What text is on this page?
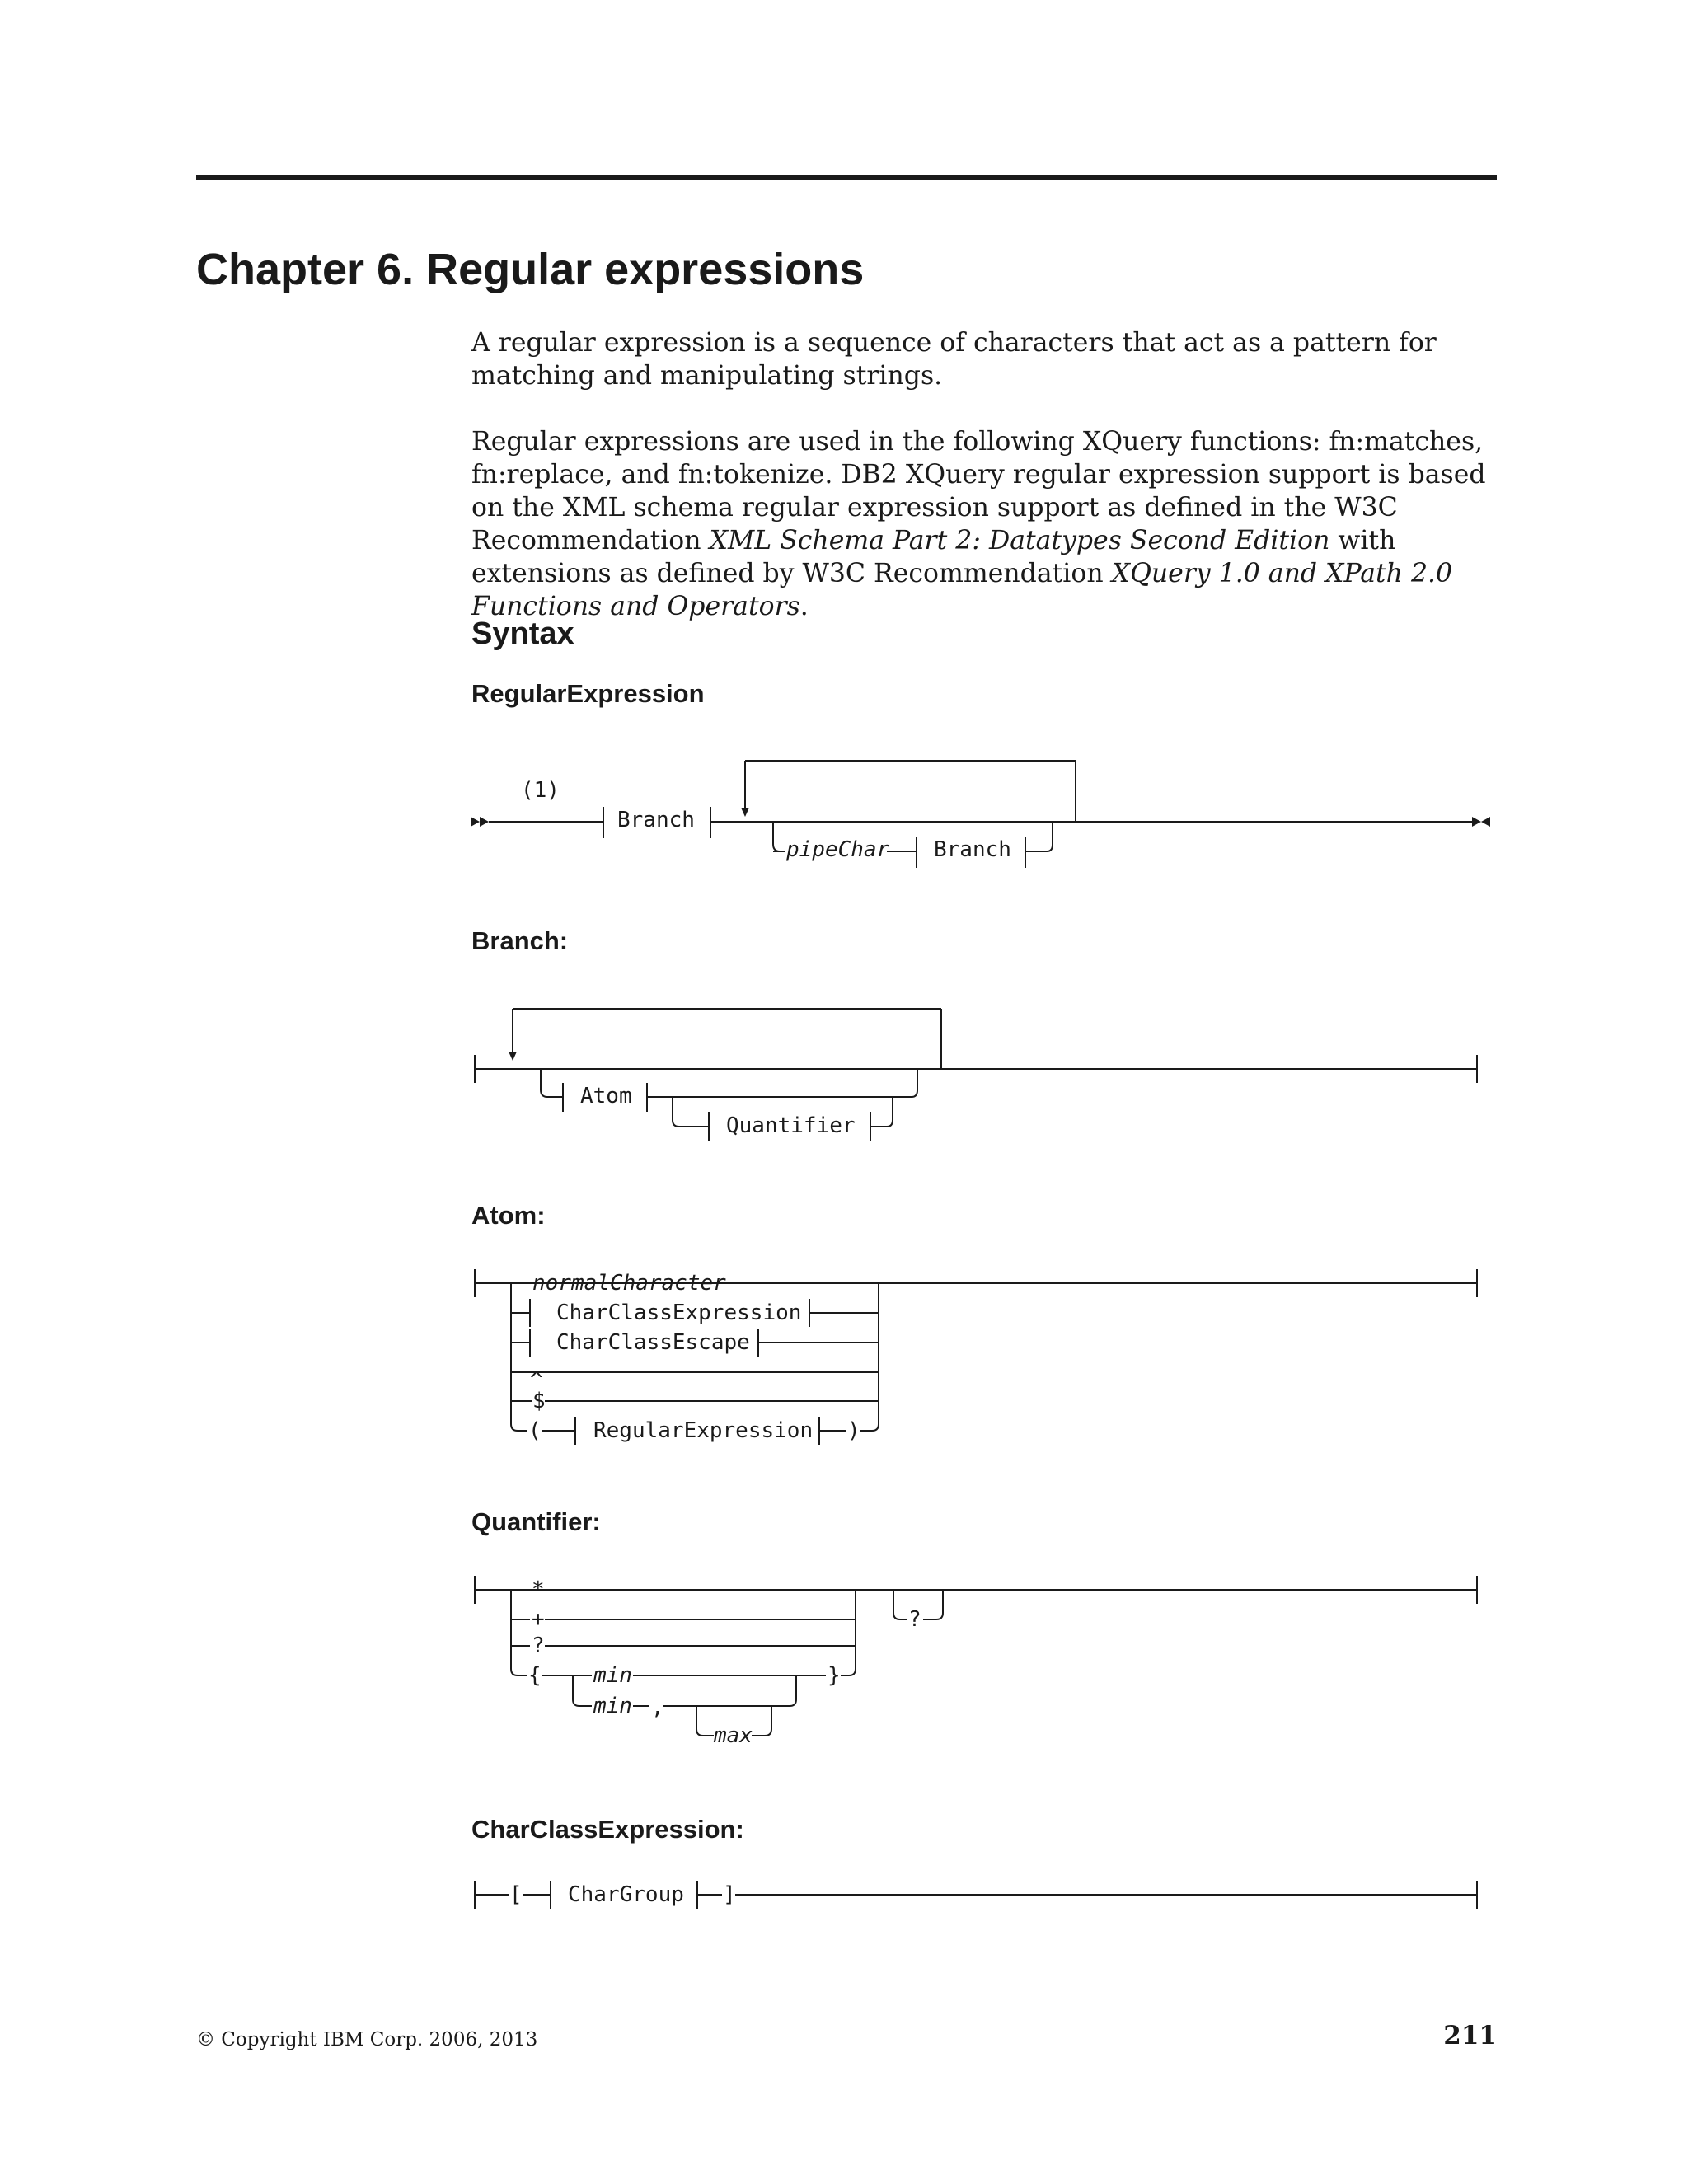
Chapter 6. Regular expressions

A regular expression is a sequence of characters that act as a pattern for matching and manipulating strings.

Regular expressions are used in the following XQuery functions: fn:matches, fn:replace, and fn:tokenize. DB2 XQuery regular expression support is based on the XML schema regular expression support as defined in the W3C Recommendation XML Schema Part 2: Datatypes Second Edition with extensions as defined by W3C Recommendation XQuery 1.0 and XPath 2.0 Functions and Operators.

Syntax
RegularExpression
Branch:
Atom:
Quantifier:
CharClassExpression:
(1)
Branch
pipeChar Branch
Atom
Quantifier
normalCharacter
CharClassExpression
CharClassEscape
^
$
( RegularExpression )
*
+
?
{ min
min ,
max
}
?
[ CharGroup ]
© Copyright IBM Corp. 2006, 2013	211
